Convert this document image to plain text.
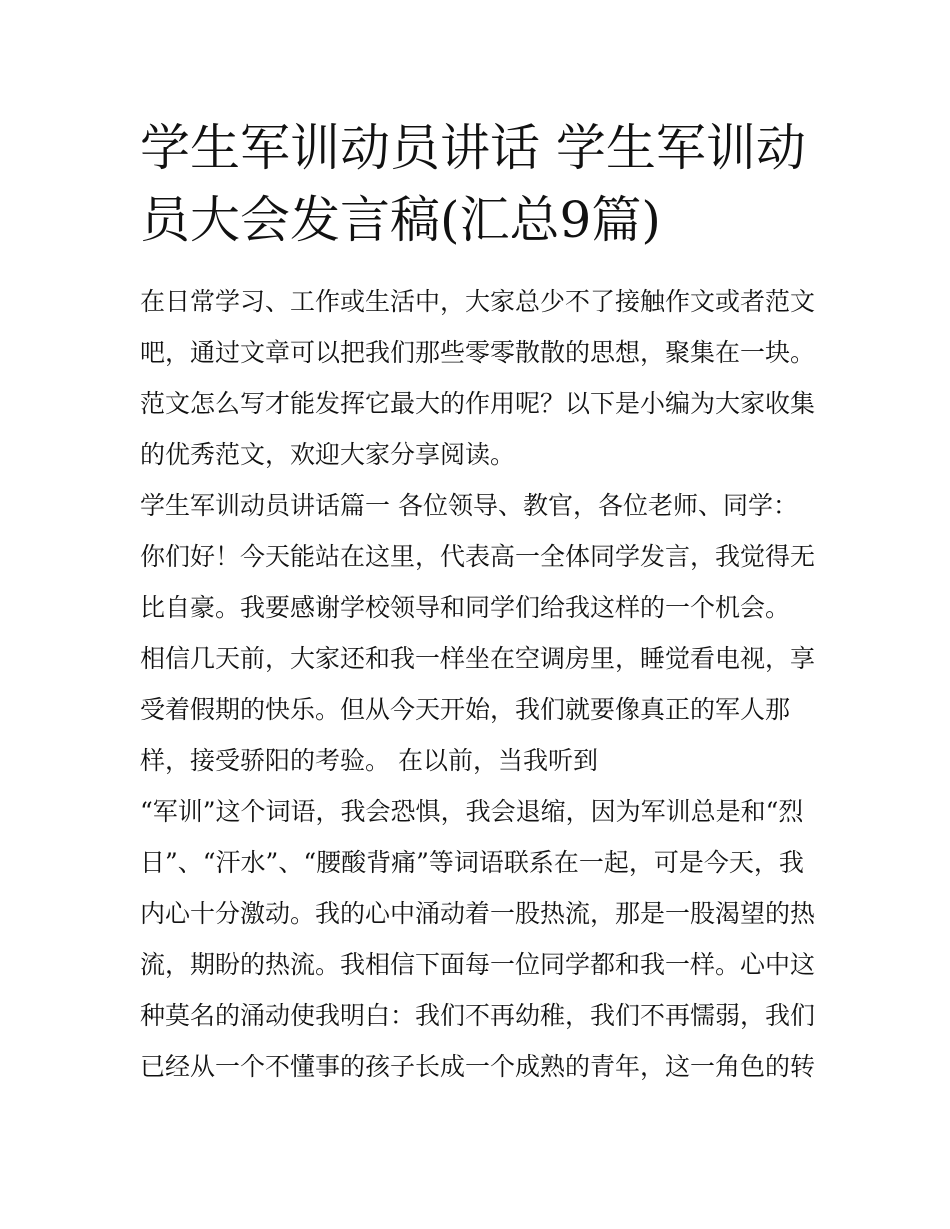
学生军训动员讲话 学生军训动
员大会发言稿(汇总9篇)
在日常学习、工作或生活中，大家总少不了接触作文或者范文
吧，通过文章可以把我们那些零零散散的思想，聚集在一块。
范文怎么写才能发挥它最大的作用呢？以下是小编为大家收集
的优秀范文，欢迎大家分享阅读。
学生军训动员讲话篇一 各位领导、教官，各位老师、同学：
你们好！今天能站在这里，代表高一全体同学发言，我觉得无
比自豪。我要感谢学校领导和同学们给我这样的一个机会。
相信几天前，大家还和我一样坐在空调房里，睡觉看电视，享
受着假期的快乐。但从今天开始，我们就要像真正的军人那
样，接受骄阳的考验。 在以前，当我听到
“军训”这个词语，我会恐惧，我会退缩，因为军训总是和“烈
日”、“汗水”、“腰酸背痛”等词语联系在一起，可是今天，我
内心十分激动。我的心中涌动着一股热流，那是一股渴望的热
流，期盼的热流。我相信下面每一位同学都和我一样。心中这
种莫名的涌动使我明白：我们不再幼稚，我们不再懦弱，我们
已经从一个不懂事的孩子长成一个成熟的青年，这一角色的转
